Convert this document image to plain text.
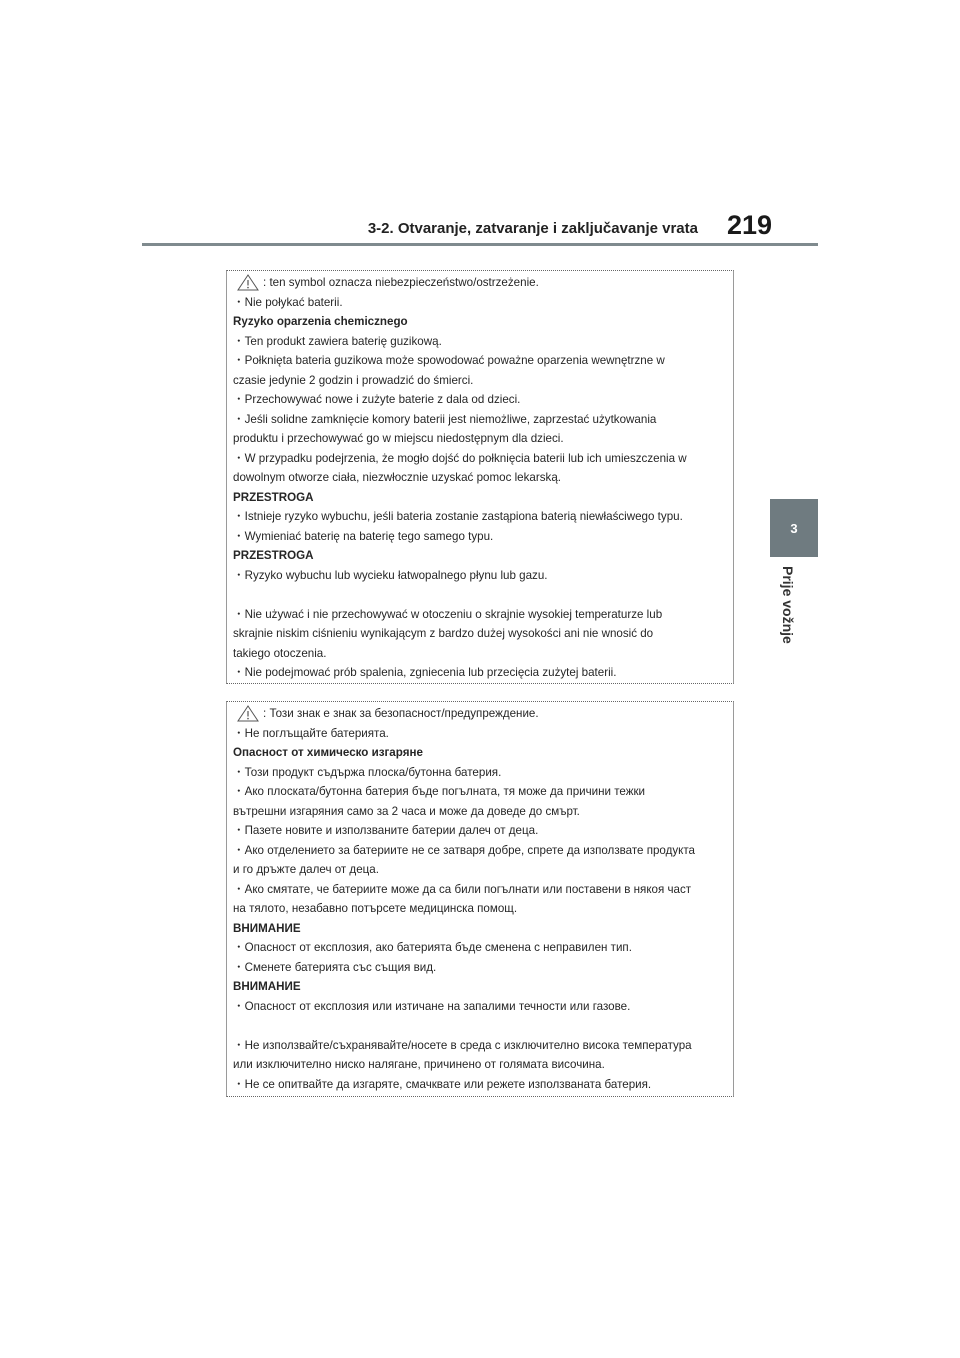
3-2. Otvaranje, zatvaranje i zaključavanje vrata 219
3
Prije vožnje
: ten symbol oznacza niebezpieczeństwo/ostrzeżenie.
・Nie połykać baterii.
Ryzyko oparzenia chemicznego
・Ten produkt zawiera baterię guzikową.
・Połknięta bateria guzikowa może spowodować poważne oparzenia wewnętrzne w
czasie jedynie 2 godzin i prowadzić do śmierci.
・Przechowywać nowe i zużyte baterie z dala od dzieci.
・Jeśli solidne zamknięcie komory baterii jest niemożliwe, zaprzestać użytkowania
produktu i przechowywać go w miejscu niedostępnym dla dzieci.
・W przypadku podejrzenia, że mogło dojść do połknięcia baterii lub ich umieszczenia w
dowolnym otworze ciała, niezwłocznie uzyskać pomoc lekarską.
PRZESTROGA
・Istnieje ryzyko wybuchu, jeśli bateria zostanie zastąpiona baterią niewłaściwego typu.
・Wymieniać baterię na baterię tego samego typu.
PRZESTROGA
・Ryzyko wybuchu lub wycieku łatwopalnego płynu lub gazu.
・Nie używać i nie przechowywać w otoczeniu o skrajnie wysokiej temperaturze lub
skrajnie niskim ciśnieniu wynikającym z bardzo dużej wysokości ani nie wnosić do
takiego otoczenia.
・Nie podejmować prób spalenia, zgniecenia lub przecięcia zużytej baterii.
: Този знак е знак за безопасност/предупреждение.
・Не поглъщайте батерията.
Опасност от химическо изгаряне
・Този продукт съдържа плоска/бутонна батерия.
・Ако плоската/бутонна батерия бъде погълната, тя може да причини тежки
вътрешни изгаряния само за 2 часа и може да доведе до смърт.
・Пазете новите и използваните батерии далеч от деца.
・Ако отделението за батериите не се затваря добре, спрете да използвате продукта
и го дръжте далеч от деца.
・Ако смятате, че батериите може да са били погълнати или поставени в някоя част
на тялото, незабавно потърсете медицинска помощ.
ВНИМАНИЕ
・Опасност от експлозия, ако батерията бъде сменена с неправилен тип.
・Сменете батерията със същия вид.
ВНИМАНИЕ
・Опасност от експлозия или изтичане на запалими течности или газове.
・Не използвайте/съхранявайте/носете в среда с изключително висока температура
или изключително ниско налягане, причинено от голямата височина.
・Не се опитвайте да изгаряте, смачквате или режете използваната батерия.
